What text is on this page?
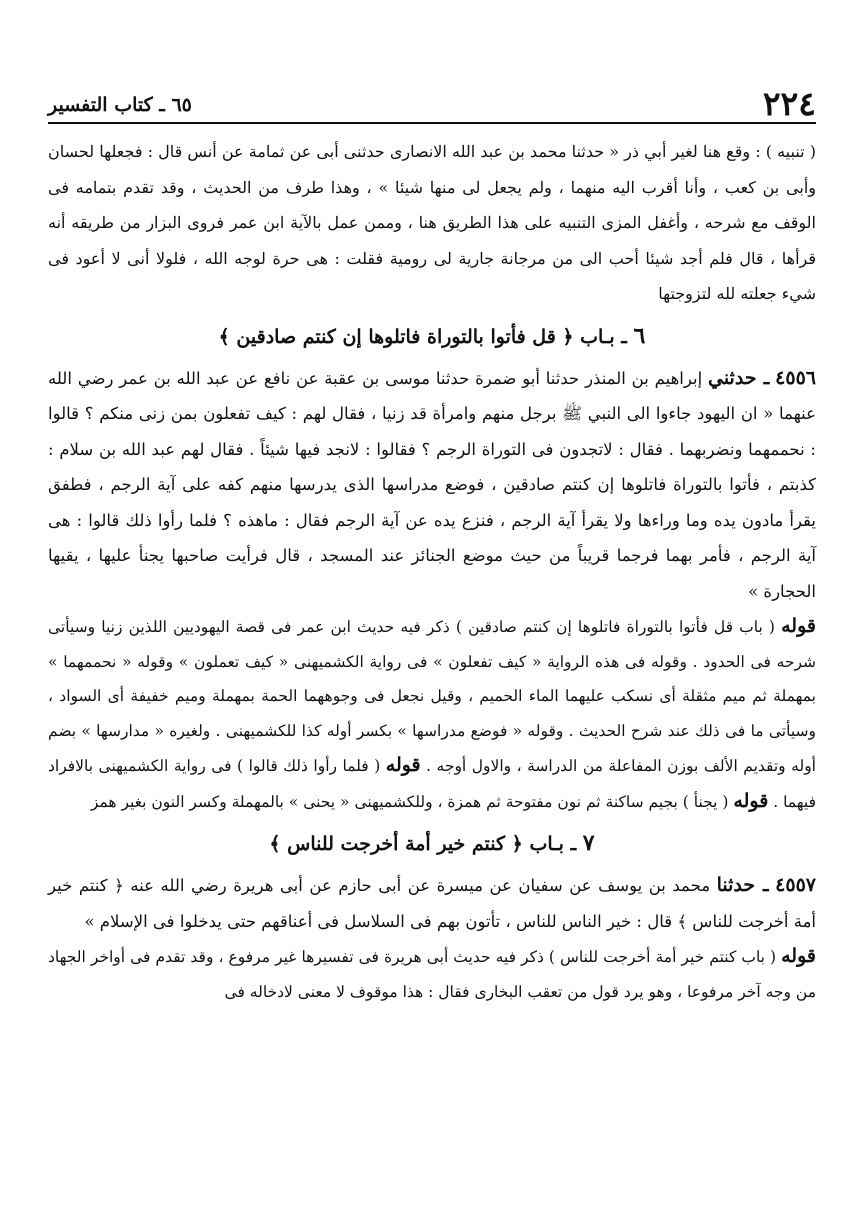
٢٢٤
٦٥ ـ كتاب التفسير

( تنبيه ) : وقع هنا لغير أبي ذر « حدثنا محمد بن عبد الله الانصارى حدثنى أبى عن ثمامة عن أنس قال : فجعلها لحسان وأبى بن كعب ، وأنا أقرب اليه منهما ، ولم يجعل لى منها شيئا » ، وهذا طرف من الحديث ، وقد تقدم بتمامه فى الوقف مع شرحه ، وأغفل المزى التنبيه على هذا الطريق هنا ، وممن عمل بالآية ابن عمر فروى البزار من طريقه أنه قرأها ، قال فلم أجد شيئا أحب الى من مرجانة جارية لى رومية فقلت : هى حرة لوجه الله ، فلولا أنى لا أعود فى شيء جعلته لله لتزوجتها

٦ ـ بـاب ﴿ قل فأتوا بالتوراة فاتلوها إن كنتم صادقين ﴾

٤٥٥٦ ـ حدثني إبراهيم بن المنذر حدثنا أبو ضمرة حدثنا موسى بن عقبة عن نافع عن عبد الله بن عمر رضي الله عنهما « ان اليهود جاءوا الى النبي ﷺ برجل منهم وامرأة قد زنيا ، فقال لهم : كيف تفعلون بمن زنى منكم ؟ قالوا : نحممهما ونضربهما . فقال : لاتجدون فى التوراة الرجم ؟ فقالوا : لانجد فيها شيئاً . فقال لهم عبد الله بن سلام : كذبتم ، فأتوا بالتوراة فاتلوها إن كنتم صادقين ، فوضع مدراسها الذى يدرسها منهم كفه على آية الرجم ، فطفق يقرأ مادون يده وما وراءها ولا يقرأ آية الرجم ، فنزع يده عن آية الرجم فقال : ماهذه ؟ فلما رأوا ذلك قالوا : هى آية الرجم ، فأمر بهما فرجما قريباً من حيث موضع الجنائز عند المسجد ، قال فرأيت صاحبها يجنأ عليها ، يقيها الحجارة »

قوله ( باب قل فأتوا بالتوراة فاتلوها إن كنتم صادقين ) ذكر فيه حديث ابن عمر فى قصة اليهوديين اللذين زنيا وسيأتى شرحه فى الحدود . وقوله فى هذه الرواية « كيف تفعلون » فى رواية الكشميهنى « كيف تعملون » وقوله « نحممهما » بمهملة ثم ميم مثقلة أى نسكب عليهما الماء الحميم ، وقيل نجعل فى وجوههما الحمة بمهملة وميم خفيفة أى السواد ، وسيأتى ما فى ذلك عند شرح الحديث . وقوله « فوضع مدراسها » بكسر أوله كذا للكشميهنى . ولغيره « مدارسها » بضم أوله وتقديم الألف بوزن المفاعلة من الدراسة ، والاول أوجه . قوله ( فلما رأوا ذلك قالوا ) فى رواية الكشميهنى بالافراد فيهما . قوله ( يجنأ ) بجيم ساكنة ثم نون مفتوحة ثم همزة ، وللكشميهنى « يحنى » بالمهملة وكسر النون بغير همز

٧ ـ بـاب ﴿ كنتم خير أمة أخرجت للناس ﴾

٤٥٥٧ ـ حدثنا محمد بن يوسف عن سفيان عن ميسرة عن أبى حازم عن أبى هريرة رضي الله عنه ﴿ كنتم خير أمة أخرجت للناس ﴾ قال : خير الناس للناس ، تأتون بهم فى السلاسل فى أعناقهم حتى يدخلوا فى الإسلام »

قوله ( باب كنتم خير أمة أخرجت للناس ) ذكر فيه حديث أبى هريرة فى تفسيرها غير مرفوع ، وقد تقدم فى أواخر الجهاد من وجه آخر مرفوعا ، وهو يرد قول من تعقب البخارى فقال : هذا موقوف لا معنى لادخاله فى
